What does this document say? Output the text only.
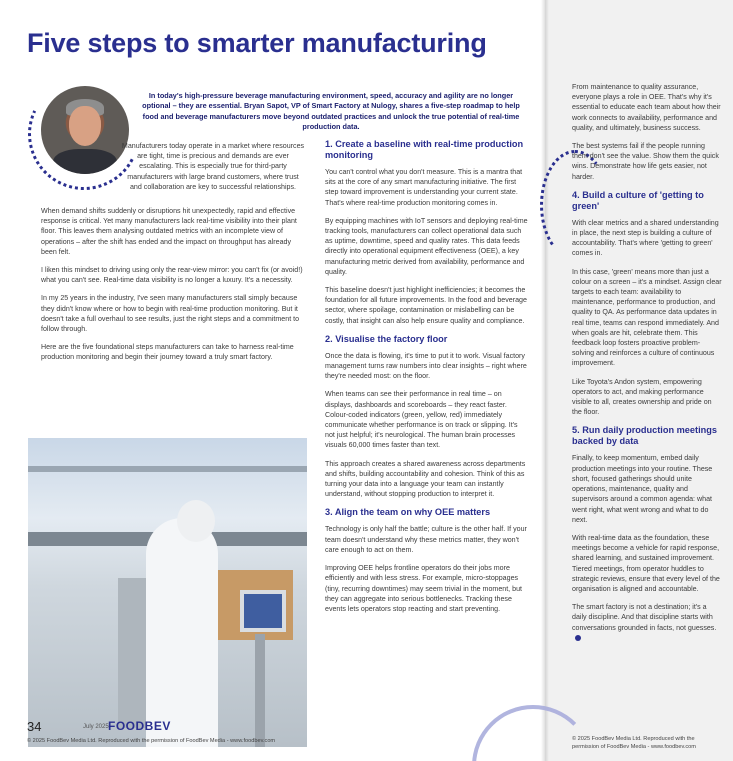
Five steps to smarter manufacturing
In today's high-pressure beverage manufacturing environment, speed, accuracy and agility are no longer optional – they are essential. Bryan Sapot, VP of Smart Factory at Nulogy, shares a five-step roadmap to help food and beverage manufacturers move beyond outdated practices and unlock the true potential of real-time production data.

Manufacturers today operate in a market where resources are tight, time is precious and demands are ever escalating. This is especially true for third-party manufacturers with large brand customers, where trust and collaboration are key to successful relationships.

When demand shifts suddenly or disruptions hit unexpectedly, rapid and effective response is critical. Yet many manufacturers lack real-time visibility into their plant floor. This leaves them analysing outdated metrics with an incomplete view of operations – after the shift has ended and the impact on throughput has already been felt.

I liken this mindset to driving using only the rear-view mirror: you can't fix (or avoid!) what you can't see. Real-time data visibility is no longer a luxury. It's a necessity.

In my 25 years in the industry, I've seen many manufacturers stall simply because they didn't know where or how to begin with real-time production monitoring. But it doesn't take a full overhaul to see results, just the right steps and a commitment to follow through.

Here are the five foundational steps manufacturers can take to harness real-time production monitoring and begin their journey toward a truly smart factory.

1. Create a baseline with real-time production monitoring

You can't control what you don't measure. This is a mantra that sits at the core of any smart manufacturing initiative. The first step toward improvement is understanding your current state. That's where real-time production monitoring comes in.

By equipping machines with IoT sensors and deploying real-time tracking tools, manufacturers can collect operational data such as uptime, downtime, speed and quality rates. This data feeds directly into operational equipment effectiveness (OEE), a key manufacturing metric derived from availability, performance and quality.

This baseline doesn't just highlight inefficiencies; it becomes the foundation for all future improvements. In the food and beverage sector, where spoilage, contamination or mislabelling can be costly, that insight can also help ensure quality and compliance.

2. Visualise the factory floor

Once the data is flowing, it's time to put it to work. Visual factory management turns raw numbers into clear insights – right where they're needed most: on the floor.

When teams can see their performance in real time – on displays, dashboards and scoreboards – they react faster. Colour-coded indicators (green, yellow, red) immediately communicate whether performance is on track or slipping. It's not just helpful; it's neurological. The human brain processes visuals 60,000 times faster than text.

This approach creates a shared awareness across departments and shifts, building accountability and cohesion. Think of this as turning your data into a language your team can instantly understand, without stopping production to interpret it.

3. Align the team on why OEE matters

Technology is only half the battle; culture is the other half. If your team doesn't understand why these metrics matter, they won't care enough to act on them.

Improving OEE helps frontline operators do their jobs more efficiently and with less stress. For example, micro-stoppages (tiny, recurring downtimes) may seem trivial in the moment, but they can aggregate into serious bottlenecks. Tracking these events lets operators stop reacting and start preventing.

From maintenance to quality assurance, everyone plays a role in OEE. That's why it's essential to educate each team about how their work connects to availability, performance and quality, and ultimately, business success.

The best systems fail if the people running them don't see the value. Show them the quick wins. Demonstrate how life gets easier, not harder.

4. Build a culture of 'getting to green'

With clear metrics and a shared understanding in place, the next step is building a culture of accountability. That's where 'getting to green' comes in.

In this case, 'green' means more than just a colour on a screen – it's a mindset. Assign clear targets to each team: availability to maintenance, performance to production, and quality to QA. As performance data updates in real time, teams can respond immediately. And when goals are hit, celebrate them. This feedback loop fosters proactive problem-solving and reinforces a culture of continuous improvement.

Like Toyota's Andon system, empowering operators to act, and making performance visible to all, creates ownership and pride on the floor.

5. Run daily production meetings backed by data

Finally, to keep momentum, embed daily production meetings into your routine. These short, focused gatherings should unite operations, maintenance, quality and supervisors around a common agenda: what went right, what went wrong and what to do next.

With real-time data as the foundation, these meetings become a vehicle for rapid response, shared learning, and sustained improvement. Tiered meetings, from operator huddles to strategic reviews, ensure that every level of the organisation is aligned and accountable.

The smart factory is not a destination; it's a daily discipline. And that discipline starts with conversations grounded in facts, not guesses.

34	July 2025 FOODBEV
© 2025 FoodBev Media Ltd. Reproduced with the permission of FoodBev Media - www.foodbev.com	© 2025 FoodBev Media Ltd. Reproduced with the permission of FoodBev Media - www.foodbev.com
